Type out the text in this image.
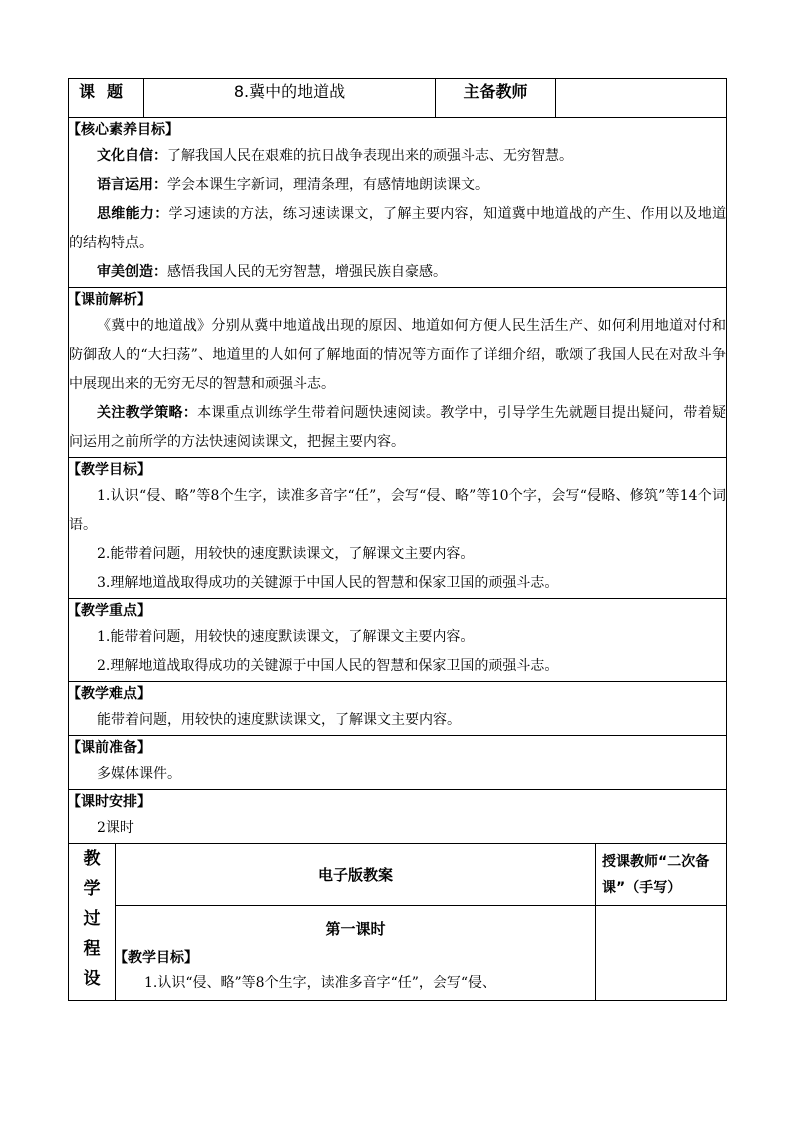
课题	8.冀中的地道战	主备教师	

【核心素养目标】
文化自信：了解我国人民在艰难的抗日战争表现出来的顽强斗志、无穷智慧。
语言运用：学会本课生字新词，理清条理，有感情地朗读课文。
思维能力：学习速读的方法，练习速读课文，了解主要内容，知道冀中地道战的产生、作用以及地道的结构特点。
审美创造：感悟我国人民的无穷智慧，增强民族自豪感。

【课前解析】
《冀中的地道战》分别从冀中地道战出现的原因、地道如何方便人民生活生产、如何利用地道对付和防御敌人的“大扫荡”、地道里的人如何了解地面的情况等方面作了详细介绍，歌颂了我国人民在对敌斗争中展现出来的无穷无尽的智慧和顽强斗志。
关注教学策略：本课重点训练学生带着问题快速阅读。教学中，引导学生先就题目提出疑问，带着疑问运用之前所学的方法快速阅读课文，把握主要内容。

【教学目标】
1.认识“侵、略”等8个生字，读准多音字“任”，会写“侵、略”等10个字，会写“侵略、修筑”等14个词语。
2.能带着问题，用较快的速度默读课文，了解课文主要内容。
3.理解地道战取得成功的关键源于中国人民的智慧和保家卫国的顽强斗志。

【教学重点】
1.能带着问题，用较快的速度默读课文，了解课文主要内容。
2.理解地道战取得成功的关键源于中国人民的智慧和保家卫国的顽强斗志。

【教学难点】
能带着问题，用较快的速度默读课文，了解课文主要内容。

【课前准备】
多媒体课件。

【课时安排】
2课时
教
学
过
程
设	电子版教案	授课教师“二次备课”（手写）

	第一课时
【教学目标】
1.认识“侵、略”等8个生字，读准多音字“任”，会写“侵、	
